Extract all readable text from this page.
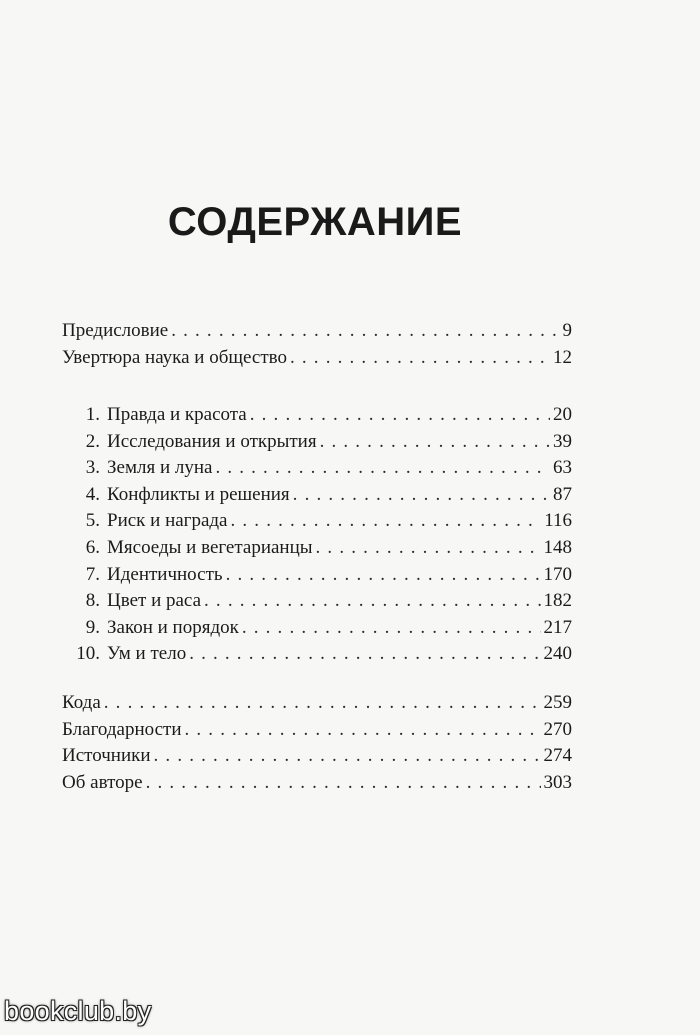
СОДЕРЖАНИЕ
Предисловие . . .	9
Увертюра наука и общество . . .	12
1. Правда и красота . . .	20
2. Исследования и открытия . . .	39
3. Земля и луна . . .	63
4. Конфликты и решения . . .	87
5. Риск и награда . . .	116
6. Мясоеды и вегетарианцы . . .	148
7. Идентичность . . .	170
8. Цвет и раса . . .	182
9. Закон и порядок . . .	217
10. Ум и тело . . .	240
Кода . . .	259
Благодарности . . .	270
Источники . . .	274
Об авторе . . .	303
bookclub.by
